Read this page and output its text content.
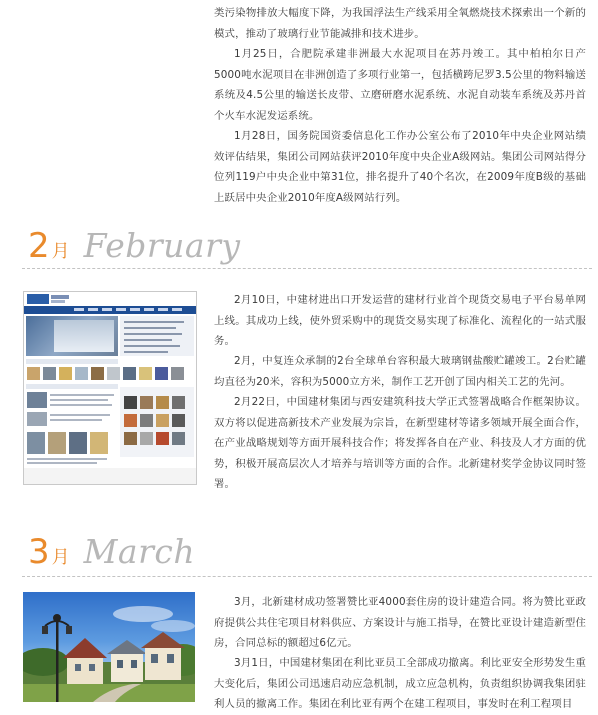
类污染物排放大幅度下降，为我国浮法生产线采用全氧燃烧技术探索出一个新的模式，推动了玻璃行业节能减排和技术进步。

1月25日，合肥院承建非洲最大水泥项目在苏丹竣工。其中柏柏尔日产5000吨水泥项目在非洲创造了多项行业第一，包括横跨尼罗3.5公里的物料输送系统及4.5公里的输送长皮带、立磨研磨水泥系统、水泥自动装车系统及苏丹首个火车水泥发运系统。

1月28日，国务院国资委信息化工作办公室公布了2010年中央企业网站绩效评估结果，集团公司网站获评2010年度中央企业A级网站。集团公司网站得分位列119户中央企业中第31位，排名提升了40个名次，在2009年度B级的基础上跃居中央企业2010年度A级网站行列。

2 月 February

2月10日，中建材进出口开发运营的建材行业首个现货交易电子平台易单网上线。其成功上线，使外贸采购中的现货交易实现了标准化、流程化的一站式服务。

2月，中复连众承制的2台全球单台容积最大玻璃钢盐酸贮罐竣工。2台贮罐均直径为20米，容积为5000立方米，制作工艺开创了国内相关工艺的先河。

2月22日，中国建材集团与西安建筑科技大学正式签署战略合作框架协议。双方将以促进高新技术产业发展为宗旨，在新型建材等诸多领域开展全面合作，在产业战略规划等方面开展科技合作；将发挥各自在产业、科技及人才方面的优势，积极开展高层次人才培养与培训等方面的合作。北新建材奖学金协议同时签署。

3 月 March

3月，北新建材成功签署赞比亚4000套住房的设计建造合同。将为赞比亚政府提供公共住宅项目材料供应、方案设计与施工指导，在赞比亚设计建造新型住房，合同总标的额超过6亿元。

3月1日，中国建材集团在利比亚员工全部成功撤离。利比亚安全形势发生重大变化后，集团公司迅速启动应急机制，成立应急机构，负责组织协调我集团驻利人员的撤离工作。集团在利比亚有两个在建工程项目，事发时在利工程项目
